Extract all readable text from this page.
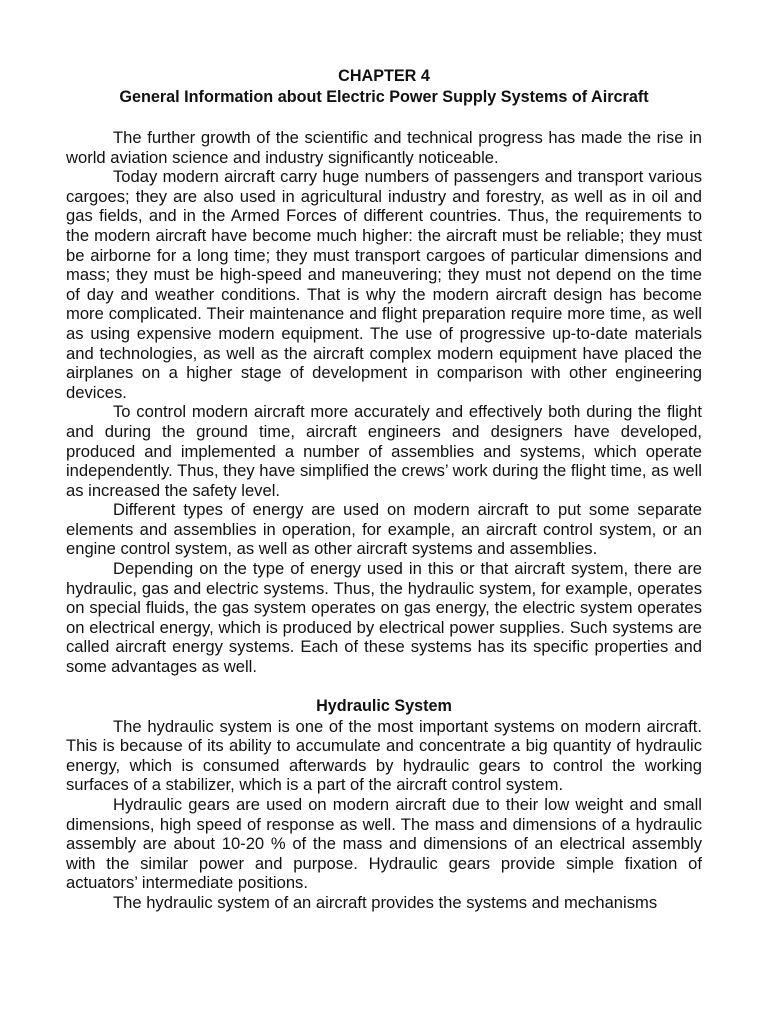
CHAPTER 4
General Information about Electric Power Supply Systems of Aircraft

The further growth of the scientific and technical progress has made the rise in world aviation science and industry significantly noticeable.

Today modern aircraft carry huge numbers of passengers and transport various cargoes; they are also used in agricultural industry and forestry, as well as in oil and gas fields, and in the Armed Forces of different countries. Thus, the requirements to the modern aircraft have become much higher: the aircraft must be reliable; they must be airborne for a long time; they must transport cargoes of particular dimensions and mass; they must be high-speed and maneuvering; they must not depend on the time of day and weather conditions. That is why the modern aircraft design has become more complicated. Their maintenance and flight preparation require more time, as well as using expensive modern equipment. The use of progressive up-to-date materials and technologies, as well as the aircraft complex modern equipment have placed the airplanes on a higher stage of development in comparison with other engineering devices.

To control modern aircraft more accurately and effectively both during the flight and during the ground time, aircraft engineers and designers have developed, produced and implemented a number of assemblies and systems, which operate independently. Thus, they have simplified the crews’ work during the flight time, as well as increased the safety level.

Different types of energy are used on modern aircraft to put some separate elements and assemblies in operation, for example, an aircraft control system, or an engine control system, as well as other aircraft systems and assemblies.

Depending on the type of energy used in this or that aircraft system, there are hydraulic, gas and electric systems. Thus, the hydraulic system, for example, operates on special fluids, the gas system operates on gas energy, the electric system operates on electrical energy, which is produced by electrical power supplies. Such systems are called aircraft energy systems. Each of these systems has its specific properties and some advantages as well.

Hydraulic System

The hydraulic system is one of the most important systems on modern aircraft. This is because of its ability to accumulate and concentrate a big quantity of hydraulic energy, which is consumed afterwards by hydraulic gears to control the working surfaces of a stabilizer, which is a part of the aircraft control system.

Hydraulic gears are used on modern aircraft due to their low weight and small dimensions, high speed of response as well. The mass and dimensions of a hydraulic assembly are about 10-20 % of the mass and dimensions of an electrical assembly with the similar power and purpose. Hydraulic gears provide simple fixation of actuators’ intermediate positions.

The hydraulic system of an aircraft provides the systems and mechanisms
